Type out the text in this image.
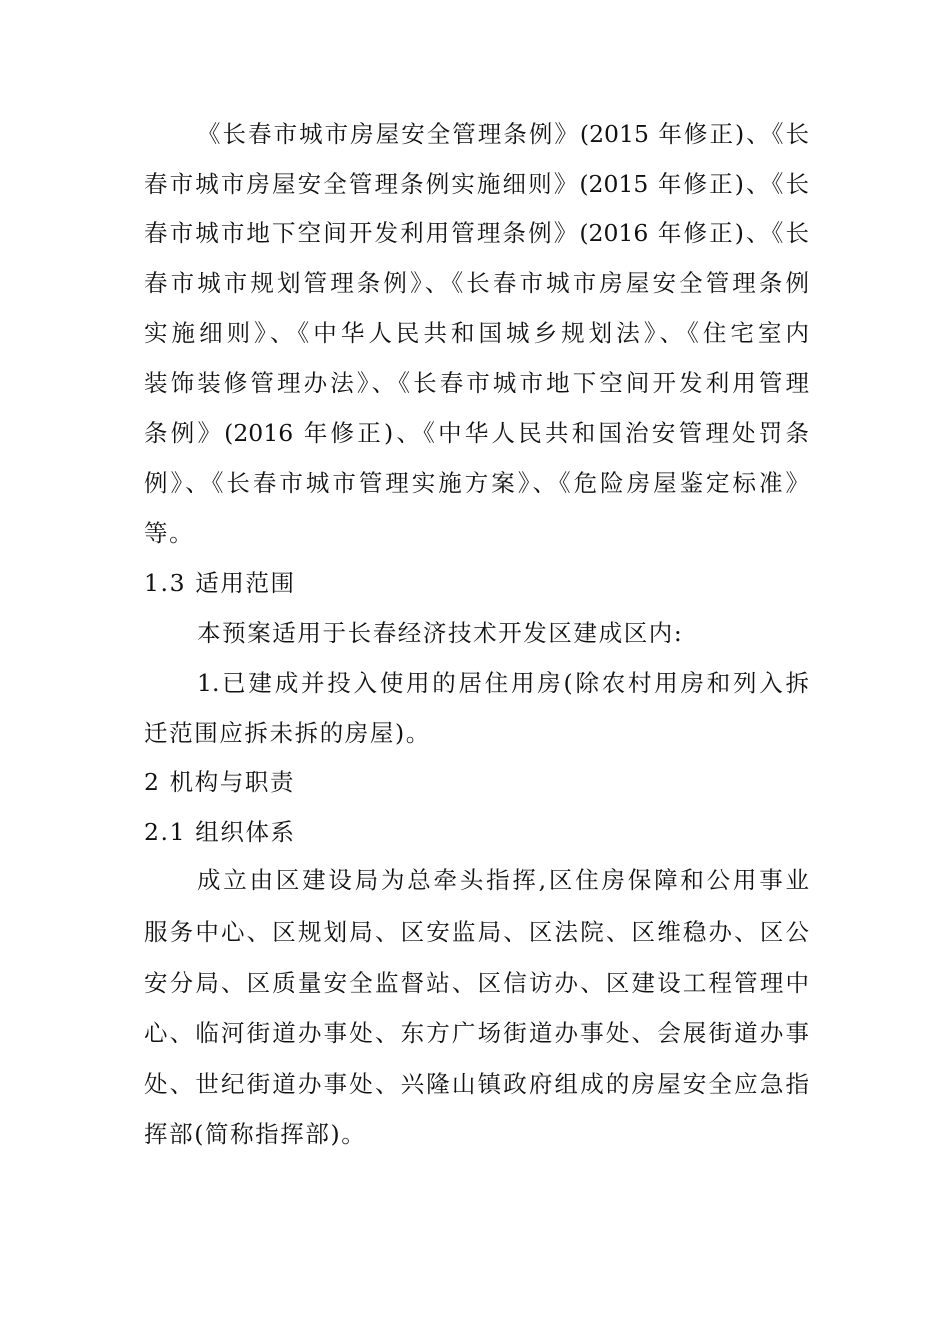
《长春市城市房屋安全管理条例》(2015 年修正)、《长
春市城市房屋安全管理条例实施细则》(2015 年修正)、《长
春市城市地下空间开发利用管理条例》(2016 年修正)、《长
春市城市规划管理条例》、《长春市城市房屋安全管理条例
实施细则》、《中华人民共和国城乡规划法》、《住宅室内
装饰装修管理办法》、《长春市城市地下空间开发利用管理
条例》(2016 年修正)、《中华人民共和国治安管理处罚条
例》、《长春市城市管理实施方案》、《危险房屋鉴定标准》
等。
1.3 适用范围
本预案适用于长春经济技术开发区建成区内:
1.已建成并投入使用的居住用房(除农村用房和列入拆
迁范围应拆未拆的房屋)。
2 机构与职责
2.1 组织体系
成立由区建设局为总牵头指挥,区住房保障和公用事业
服务中心、区规划局、区安监局、区法院、区维稳办、区公
安分局、区质量安全监督站、区信访办、区建设工程管理中
心、临河街道办事处、东方广场街道办事处、会展街道办事
处、世纪街道办事处、兴隆山镇政府组成的房屋安全应急指
挥部(简称指挥部)。
